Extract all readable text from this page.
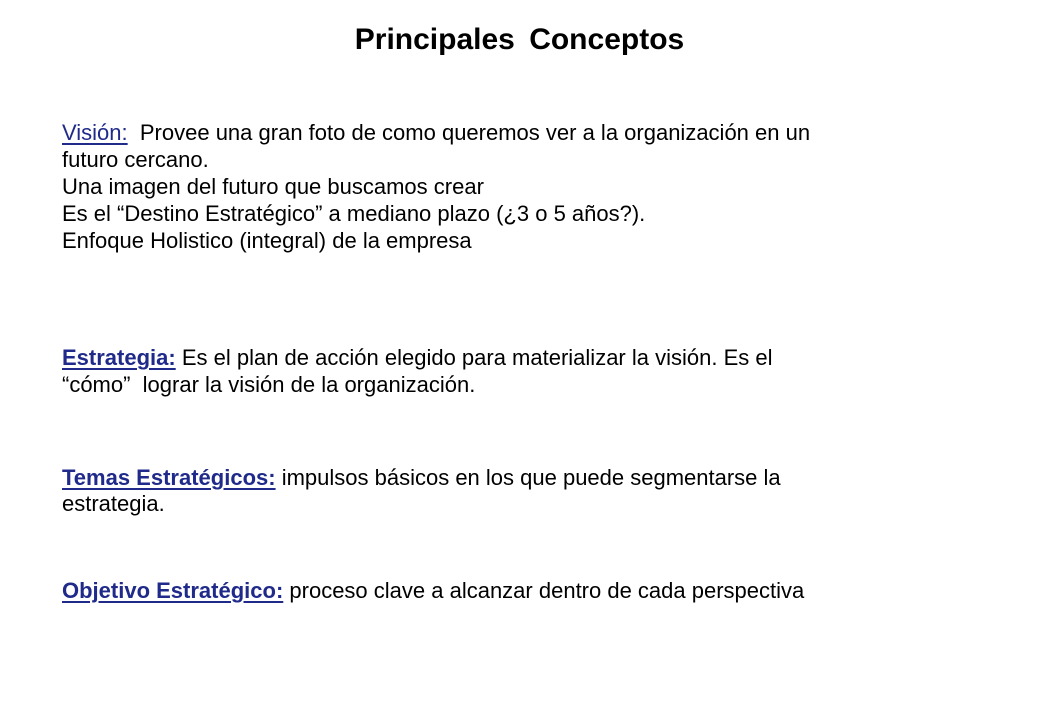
Principales Conceptos
Visión:  Provee una gran foto de como queremos ver a la organización en un
futuro cercano.
Una imagen del futuro que buscamos crear
Es el “Destino Estratégico” a mediano plazo (¿3 o 5 años?).
Enfoque Holistico (integral) de la empresa
Estrategia: Es el plan de acción elegido para materializar la visión. Es el
“cómo”  lograr la visión de la organización.
Temas Estratégicos: impulsos básicos en los que puede segmentarse la
estrategia.
Objetivo Estratégico: proceso clave a alcanzar dentro de cada perspectiva
